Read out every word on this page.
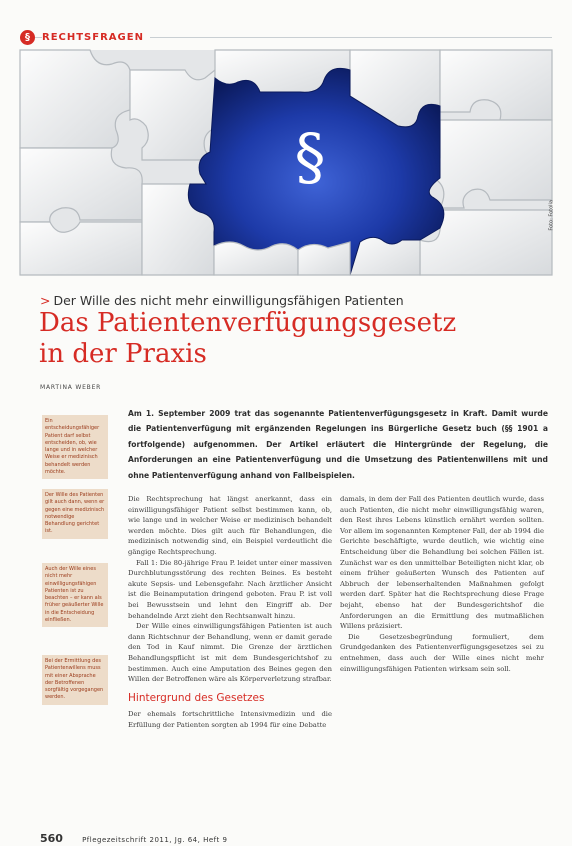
§	RECHTSFRAGEN
§
Foto: Fotolia
> Der Wille des nicht mehr einwilligungsfähigen Patienten
Das Patientenverfügungsgesetz
in der Praxis
MARTINA WEBER
Ein entscheidungsfähiger Patient darf selbst entscheiden, ob, wie lange und in welcher Weise er medizinisch behandelt werden möchte.
Der Wille des Patienten gilt auch dann, wenn er gegen eine medizinisch notwendige Behandlung gerichtet ist.
Auch der Wille eines nicht mehr einwilligungsfähigen Patienten ist zu beachten – er kann als früher geäußerter Wille in die Entscheidung einfließen.
Bei der Ermittlung des Patientenwillens muss mit einer Absprache der Betroffenen sorgfältig vorgegangen werden.

Am 1. September 2009 trat das sogenannte Patientenverfügungsgesetz in Kraft. Damit wurde die Patientenverfügung mit ergänzenden Regelungen ins Bürgerliche Gesetz buch (§§ 1901 a fortfolgende) aufgenommen. Der Artikel erläutert die Hintergründe der Regelung, die Anforderungen an eine Patientenverfügung und die Umsetzung des Patientenwillens mit und ohne Patientenverfügung anhand von Fallbeispielen.

Die Rechtsprechung hat längst anerkannt, dass ein einwilligungsfähiger Patient selbst bestimmen kann, ob, wie lange und in welcher Weise er medizinisch behandelt werden möchte. Dies gilt auch für Behandlungen, die medizinisch notwendig sind, ein Beispiel verdeutlicht die gängige Rechtsprechung.

Fall 1: Die 80-jährige Frau P. leidet unter einer massiven Durchblutungsstörung des rechten Beines. Es besteht akute Sepsis- und Lebensgefahr. Nach ärztlicher Ansicht ist die Beinamputation dringend geboten. Frau P. ist voll bei Bewusstsein und lehnt den Eingriff ab. Der behandelnde Arzt zieht den Rechtsanwalt hinzu.

Der Wille eines einwilligungsfähigen Patienten ist auch dann Richtschnur der Behandlung, wenn er damit gerade den Tod in Kauf nimmt. Die Grenze der ärztlichen Behandlungspflicht ist mit dem Bundesgerichtshof zu bestimmen. Auch eine Amputation des Beines gegen den Willen der Betroffenen wäre als Körperverletzung strafbar.

Hintergrund des Gesetzes

Der ehemals fortschrittliche Intensivmedizin und die Erfüllung der Patienten sorgten ab 1994 für eine Debatte

damals, in dem der Fall des Patienten deutlich wurde, dass auch Patienten, die nicht mehr einwilligungsfähig waren, den Rest ihres Lebens künstlich ernährt werden sollten. Vor allem im sogenannten Kemptener Fall, der ab 1994 die Gerichte beschäftigte, wurde deutlich, wie wichtig eine Entscheidung über die Behandlung bei solchen Fällen ist. Zunächst war es den unmittelbar Beteiligten nicht klar, ob einem früher geäußerten Wunsch des Patienten auf Abbruch der lebenserhaltenden Maßnahmen gefolgt werden darf. Später hat die Rechtsprechung diese Frage bejaht, ebenso hat der Bundesgerichtshof die Anforderungen an die Ermittlung des mutmaßlichen Willens präzisiert.

Die Gesetzesbegründung formuliert, dem Grundgedanken des Patientenverfügungsgesetzes sei zu entnehmen, dass auch der Wille eines nicht mehr einwilligungsfähigen Patienten wirksam sein soll.

560	Pflegezeitschrift 2011, Jg. 64, Heft 9
